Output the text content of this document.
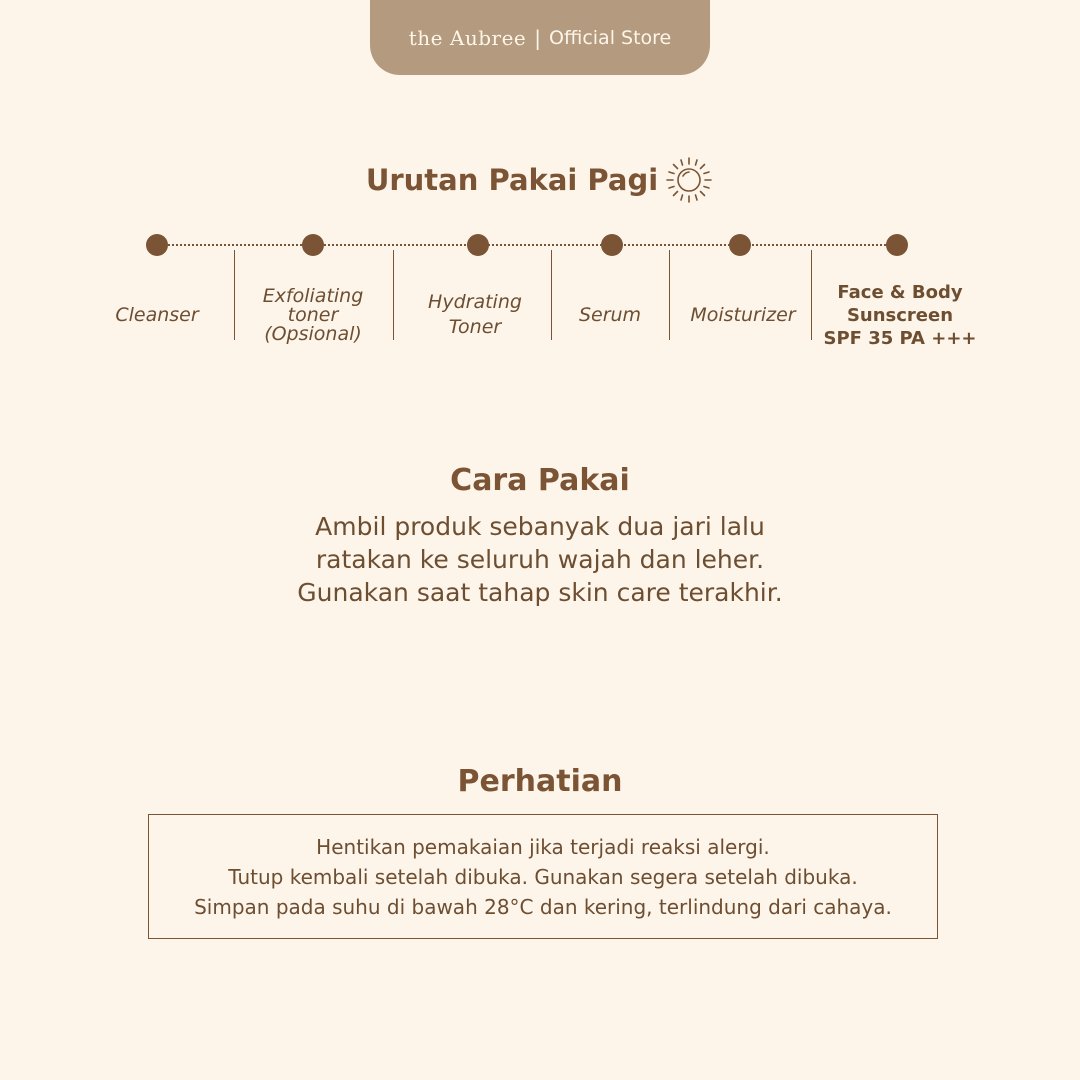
the Aubree | Official Store
Urutan Pakai Pagi
Cleanser
Exfoliating
toner
(Opsional)
Hydrating
Toner
Serum	Moisturizer
Face & Body
Sunscreen
SPF 35 PA +++
Cara Pakai
Ambil produk sebanyak dua jari lalu
ratakan ke seluruh wajah dan leher.
Gunakan saat tahap skin care terakhir.
Perhatian
Hentikan pemakaian jika terjadi reaksi alergi.
Tutup kembali setelah dibuka. Gunakan segera setelah dibuka.
Simpan pada suhu di bawah 28°C dan kering, terlindung dari cahaya.
